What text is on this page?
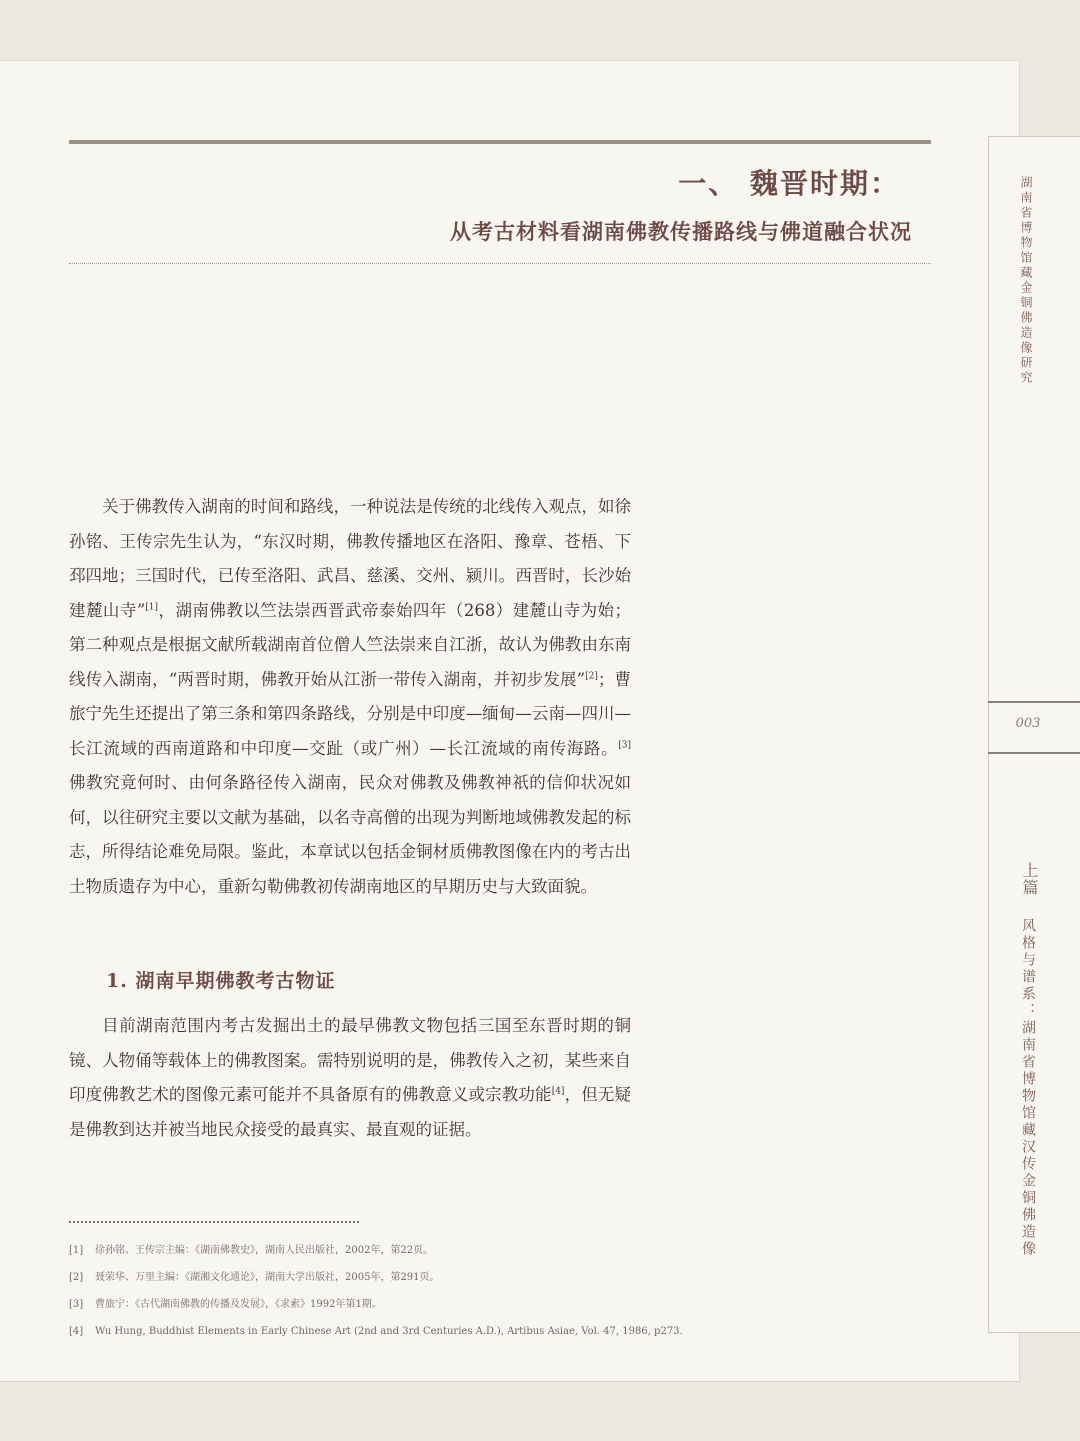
一、 魏晋时期：
从考古材料看湖南佛教传播路线与佛道融合状况

关于佛教传入湖南的时间和路线，一种说法是传统的北线传入观点，如徐孙铭、王传宗先生认为，“东汉时期，佛教传播地区在洛阳、豫章、苍梧、下邳四地；三国时代，已传至洛阳、武昌、慈溪、交州、颍川。西晋时，长沙始建麓山寺”[1]，湖南佛教以竺法崇西晋武帝泰始四年（268）建麓山寺为始；第二种观点是根据文献所载湖南首位僧人竺法崇来自江浙，故认为佛教由东南线传入湖南，“两晋时期，佛教开始从江浙一带传入湖南，并初步发展”[2]；曹旅宁先生还提出了第三条和第四条路线，分别是中印度—缅甸—云南—四川—长江流域的西南道路和中印度—交趾（或广州）—长江流域的南传海路。[3] 佛教究竟何时、由何条路径传入湖南，民众对佛教及佛教神祇的信仰状况如何，以往研究主要以文献为基础，以名寺高僧的出现为判断地域佛教发起的标志，所得结论难免局限。鉴此，本章试以包括金铜材质佛教图像在内的考古出土物质遗存为中心，重新勾勒佛教初传湖南地区的早期历史与大致面貌。

1. 湖南早期佛教考古物证

目前湖南范围内考古发掘出土的最早佛教文物包括三国至东晋时期的铜镜、人物俑等载体上的佛教图案。需特别说明的是，佛教传入之初，某些来自印度佛教艺术的图像元素可能并不具备原有的佛教意义或宗教功能[4]，但无疑是佛教到达并被当地民众接受的最真实、最直观的证据。

[1] 徐孙铭、王传宗主编：《湖南佛教史》，湖南人民出版社，2002年，第22页。
[2] 聂荣华、万里主编：《湖湘文化通论》，湖南大学出版社，2005年，第291页。
[3] 曹旅宁：《古代湖南佛教的传播及发展》，《求索》1992年第1期。
[4] Wu Hung, Buddhist Elements in Early Chinese Art (2nd and 3rd Centuries A.D.), Artibus Asiae, Vol. 47, 1986, p273.
湖南省博物馆藏金铜佛造像研究
003
上篇
风格与谱系：湖南省博物馆藏汉传金铜佛造像
